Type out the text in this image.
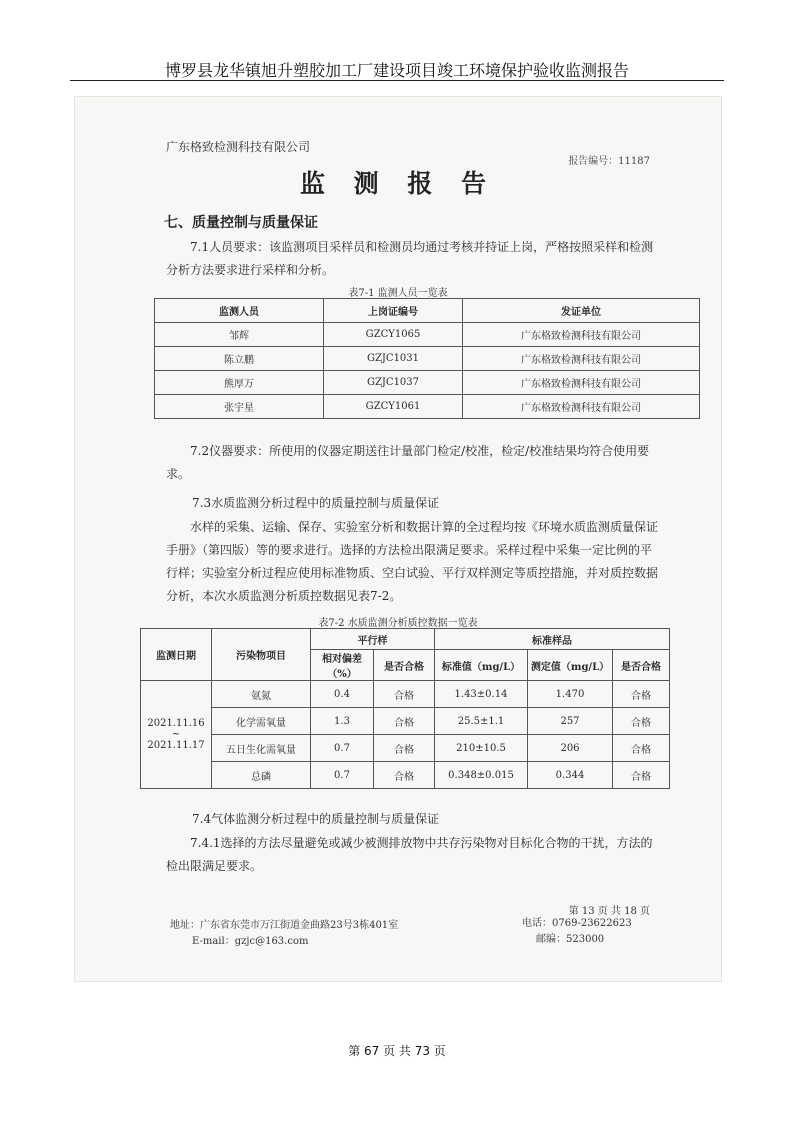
博罗县龙华镇旭升塑胶加工厂建设项目竣工环境保护验收监测报告
广东格致检测科技有限公司
报告编号：11187
监 测 报 告
七、质量控制与质量保证
7.1人员要求：该监测项目采样员和检测员均通过考核并持证上岗，严格按照采样和检测分析方法要求进行采样和分析。
表7-1 监测人员一览表
监测人员	上岗证编号	发证单位
邹辉	GZCY1065	广东格致检测科技有限公司
陈立鹏	GZJC1031	广东格致检测科技有限公司
熊厚万	GZJC1037	广东格致检测科技有限公司
张宇星	GZCY1061	广东格致检测科技有限公司
7.2仪器要求：所使用的仪器定期送往计量部门检定/校准，检定/校准结果均符合使用要求。
7.3水质监测分析过程中的质量控制与质量保证
水样的采集、运输、保存、实验室分析和数据计算的全过程均按《环境水质监测质量保证手册》（第四版）等的要求进行。选择的方法检出限满足要求。采样过程中采集一定比例的平行样；实验室分析过程应使用标准物质、空白试验、平行双样测定等质控措施，并对质控数据分析，本次水质监测分析质控数据见表7-2。
表7-2 水质监测分析质控数据一览表
监测日期	污染物项目	平行样		标准样品		
		相对偏差（%）	是否合格	标准值（mg/L）	测定值（mg/L）	是否合格

2021.11.16
~
2021.11.17	氨氮	0.4	合格	1.43±0.14	1.470	合格
	化学需氧量	1.3	合格	25.5±1.1	257	合格
	五日生化需氧量	0.7	合格	210±10.5	206	合格
	总磷	0.7	合格	0.348±0.015	0.344	合格
7.4气体监测分析过程中的质量控制与质量保证
7.4.1选择的方法尽量避免或减少被测排放物中共存污染物对目标化合物的干扰，方法的检出限满足要求。
第 13 页 共 18 页
地址：广东省东莞市万江街道金曲路23号3栋401室
E-mail：gzjc@163.com
电话：0769-23622623
邮编：523000
第 67 页 共 73 页
